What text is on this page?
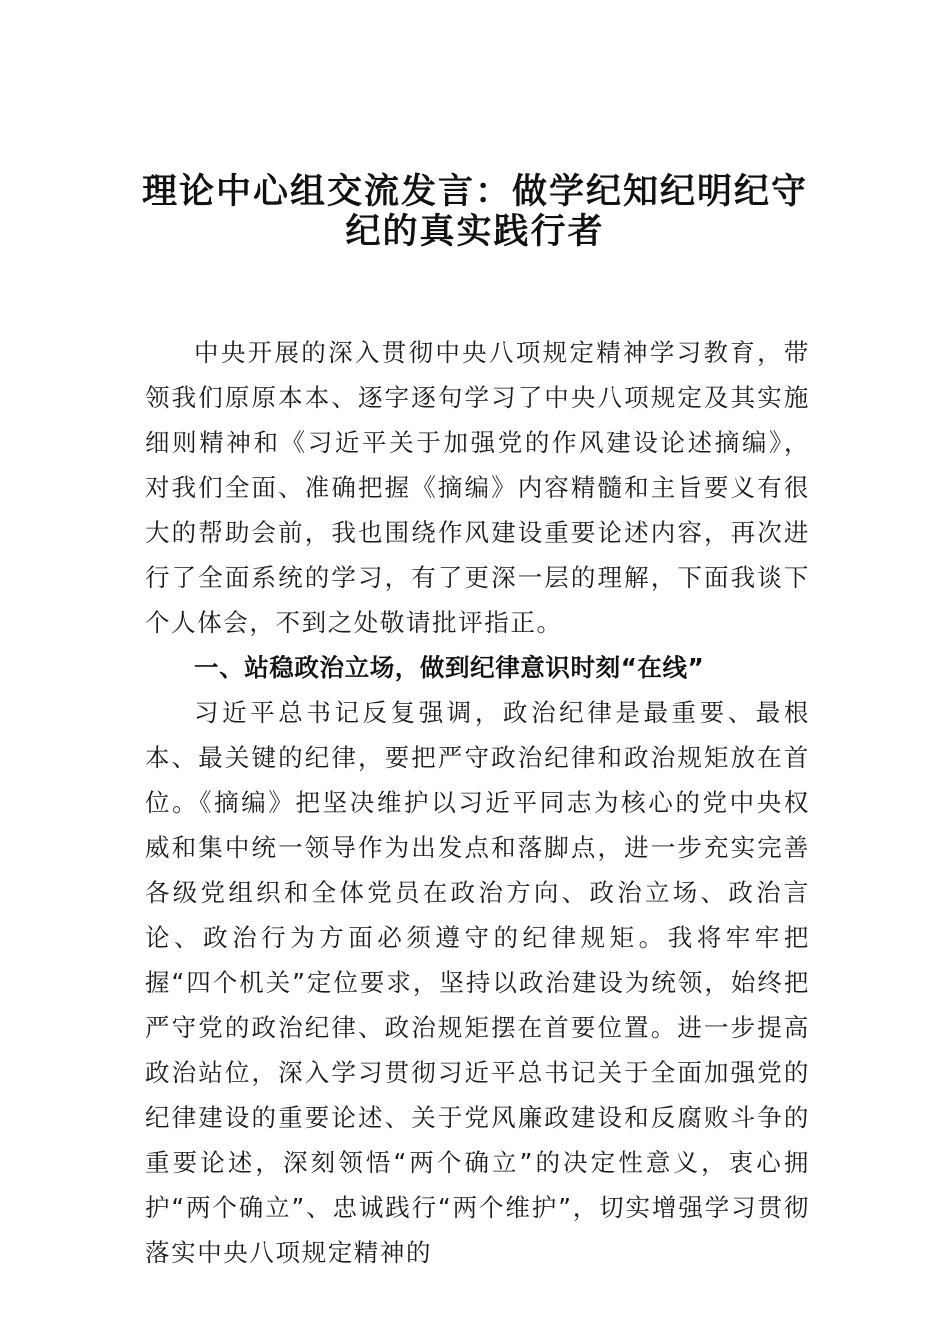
理论中心组交流发言：做学纪知纪明纪守
纪的真实践行者

中央开展的深入贯彻中央八项规定精神学习教育，带领我们原原本本、逐字逐句学习了中央八项规定及其实施细则精神和《习近平关于加强党的作风建设论述摘编》，对我们全面、准确把握《摘编》内容精髓和主旨要义有很大的帮助会前，我也围绕作风建设重要论述内容，再次进行了全面系统的学习，有了更深一层的理解，下面我谈下个人体会，不到之处敬请批评指正。

一、站稳政治立场，做到纪律意识时刻“在线”

习近平总书记反复强调，政治纪律是最重要、最根本、最关键的纪律，要把严守政治纪律和政治规矩放在首位。《摘编》把坚决维护以习近平同志为核心的党中央权威和集中统一领导作为出发点和落脚点，进一步充实完善各级党组织和全体党员在政治方向、政治立场、政治言论、政治行为方面必须遵守的纪律规矩。我将牢牢把握“四个机关”定位要求，坚持以政治建设为统领，始终把严守党的政治纪律、政治规矩摆在首要位置。进一步提高政治站位，深入学习贯彻习近平总书记关于全面加强党的纪律建设的重要论述、关于党风廉政建设和反腐败斗争的重要论述，深刻领悟“两个确立”的决定性意义，衷心拥护“两个确立”、忠诚践行“两个维护”，切实增强学习贯彻落实中央八项规定精神的
